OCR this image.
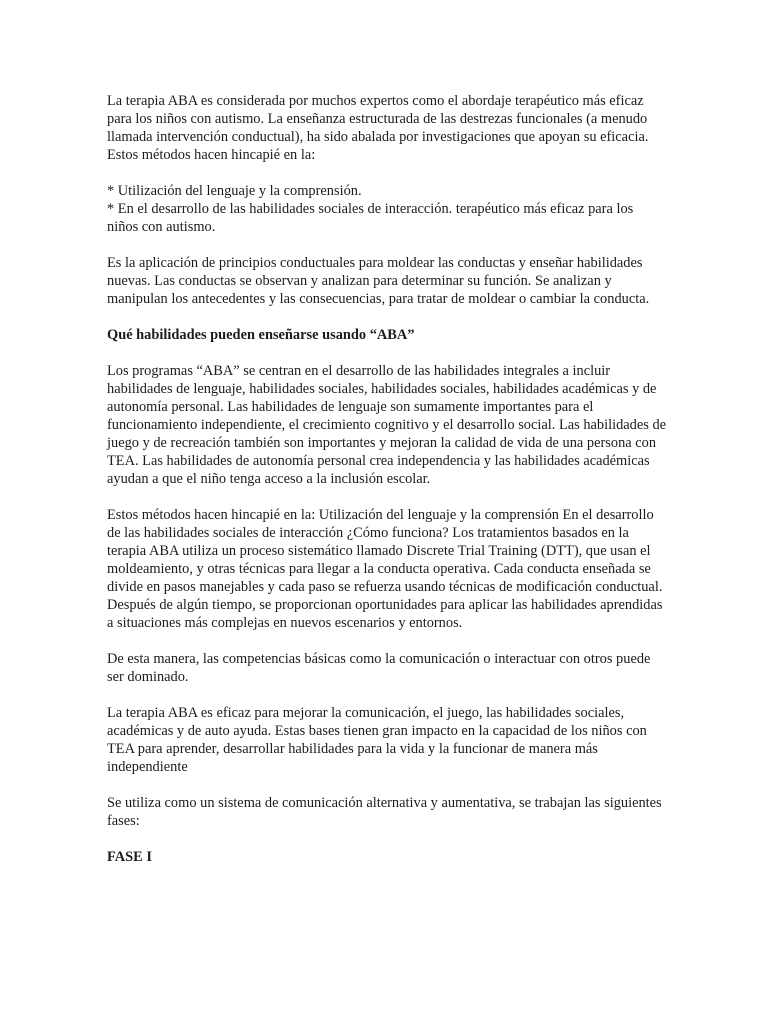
La terapia ABA es considerada por muchos expertos como el abordaje terapéutico más eficaz para los niños con autismo. La enseñanza estructurada de las destrezas funcionales (a menudo llamada intervención conductual), ha sido abalada por investigaciones que apoyan su eficacia. Estos métodos hacen hincapié en la:

* Utilización del lenguaje y la comprensión.

* En el desarrollo de las habilidades sociales de interacción. terapéutico más eficaz para los niños con autismo.

Es la aplicación de principios conductuales para moldear las conductas y enseñar habilidades nuevas. Las conductas se observan y analizan para determinar su función. Se analizan y manipulan los antecedentes y las consecuencias, para tratar de moldear o cambiar la conducta.

Qué habilidades pueden enseñarse usando “ABA”

Los programas “ABA” se centran en el desarrollo de las habilidades integrales a incluir habilidades de lenguaje, habilidades sociales, habilidades sociales, habilidades académicas y de autonomía personal. Las habilidades de lenguaje son sumamente importantes para el funcionamiento independiente, el crecimiento cognitivo y el desarrollo social. Las habilidades de juego y de recreación también son importantes y mejoran la calidad de vida de una persona con TEA. Las habilidades de autonomía personal crea independencia y las habilidades académicas ayudan a que el niño tenga acceso a la inclusión escolar.

Estos métodos hacen hincapié en la: Utilización del lenguaje y la comprensión En el desarrollo de las habilidades sociales de interacción ¿Cómo funciona? Los tratamientos basados en la terapia ABA utiliza un proceso sistemático llamado Discrete Trial Training (DTT), que usan el moldeamiento, y otras técnicas para llegar a la conducta operativa. Cada conducta enseñada se divide en pasos manejables y cada paso se refuerza usando técnicas de modificación conductual. Después de algún tiempo, se proporcionan oportunidades para aplicar las habilidades aprendidas a situaciones más complejas en nuevos escenarios y entornos.

De esta manera, las competencias básicas como la comunicación o interactuar con otros puede ser dominado.

La terapia ABA es eficaz para mejorar la comunicación, el juego, las habilidades sociales, académicas y de auto ayuda. Estas bases tienen gran impacto en la capacidad de los niños con TEA para aprender, desarrollar habilidades para la vida y la funcionar de manera más independiente

Se utiliza como un sistema de comunicación alternativa y aumentativa, se trabajan las siguientes fases:

FASE I
